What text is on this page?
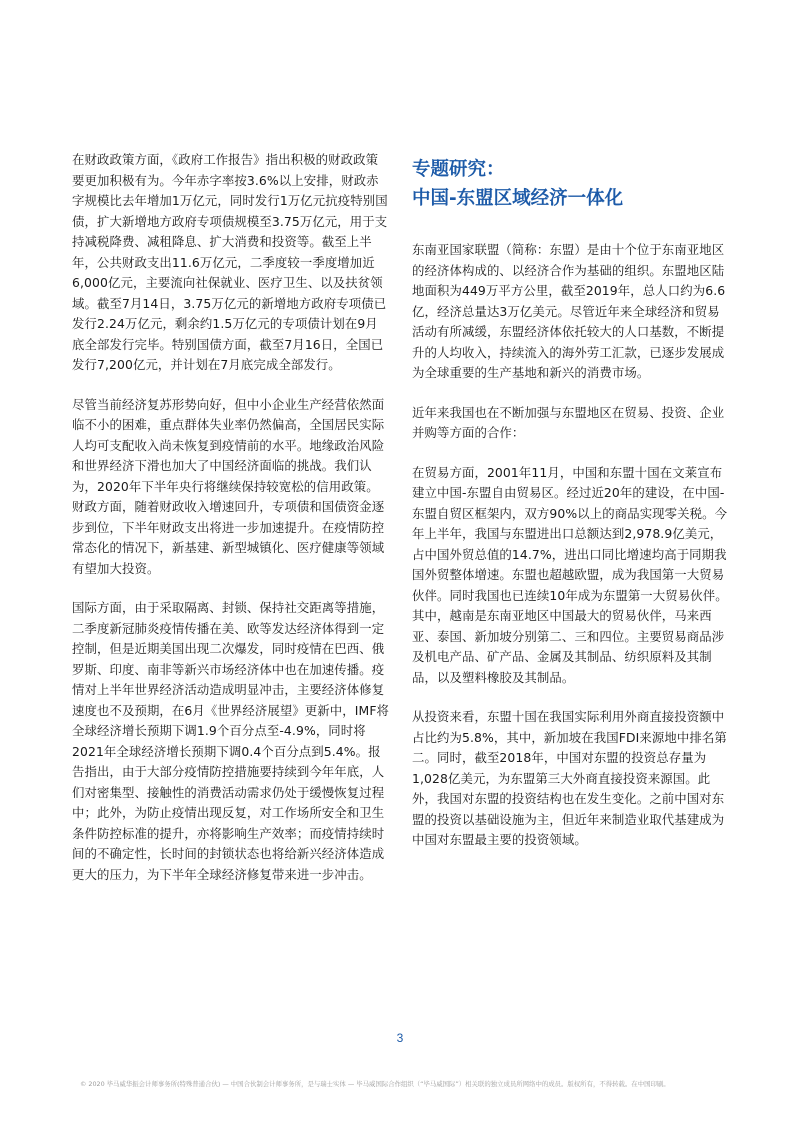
在财政政策方面，《政府工作报告》指出积极的财政政策要更加积极有为。今年赤字率按3.6%以上安排，财政赤字规模比去年增加1万亿元，同时发行1万亿元抗疫特别国债，扩大新增地方政府专项债规模至3.75万亿元，用于支持减税降费、减租降息、扩大消费和投资等。截至上半年，公共财政支出11.6万亿元，二季度较一季度增加近6,000亿元，主要流向社保就业、医疗卫生、以及扶贫领域。截至7月14日，3.75万亿元的新增地方政府专项债已发行2.24万亿元，剩余约1.5万亿元的专项债计划在9月底全部发行完毕。特别国债方面，截至7月16日，全国已发行7,200亿元，并计划在7月底完成全部发行。

尽管当前经济复苏形势向好，但中小企业生产经营依然面临不小的困难，重点群体失业率仍然偏高，全国居民实际人均可支配收入尚未恢复到疫情前的水平。地缘政治风险和世界经济下滑也加大了中国经济面临的挑战。我们认为，2020年下半年央行将继续保持较宽松的信用政策。财政方面，随着财政收入增速回升，专项债和国债资金逐步到位，下半年财政支出将进一步加速提升。在疫情防控常态化的情况下，新基建、新型城镇化、医疗健康等领域有望加大投资。

国际方面，由于采取隔离、封锁、保持社交距离等措施，二季度新冠肺炎疫情传播在美、欧等发达经济体得到一定控制，但是近期美国出现二次爆发，同时疫情在巴西、俄罗斯、印度、南非等新兴市场经济体中也在加速传播。疫情对上半年世界经济活动造成明显冲击，主要经济体修复速度也不及预期，在6月《世界经济展望》更新中，IMF将全球经济增长预期下调1.9个百分点至-4.9%，同时将2021年全球经济增长预期下调0.4个百分点到5.4%。报告指出，由于大部分疫情防控措施要持续到今年年底，人们对密集型、接触性的消费活动需求仍处于缓慢恢复过程中；此外，为防止疫情出现反复，对工作场所安全和卫生条件防控标准的提升，亦将影响生产效率；而疫情持续时间的不确定性，长时间的封锁状态也将给新兴经济体造成更大的压力，为下半年全球经济修复带来进一步冲击。

专题研究：
中国-东盟区域经济一体化

东南亚国家联盟（简称：东盟）是由十个位于东南亚地区的经济体构成的、以经济合作为基础的组织。东盟地区陆地面积为449万平方公里，截至2019年，总人口约为6.6亿，经济总量达3万亿美元。尽管近年来全球经济和贸易活动有所减缓，东盟经济体依托较大的人口基数，不断提升的人均收入，持续流入的海外劳工汇款，已逐步发展成为全球重要的生产基地和新兴的消费市场。

近年来我国也在不断加强与东盟地区在贸易、投资、企业并购等方面的合作：

在贸易方面，2001年11月，中国和东盟十国在文莱宣布建立中国-东盟自由贸易区。经过近20年的建设，在中国-东盟自贸区框架内，双方90%以上的商品实现零关税。今年上半年，我国与东盟进出口总额达到2,978.9亿美元，占中国外贸总值的14.7%，进出口同比增速均高于同期我国外贸整体增速。东盟也超越欧盟，成为我国第一大贸易伙伴。同时我国也已连续10年成为东盟第一大贸易伙伴。其中，越南是东南亚地区中国最大的贸易伙伴，马来西亚、泰国、新加坡分别第二、三和四位。主要贸易商品涉及机电产品、矿产品、金属及其制品、纺织原料及其制品，以及塑料橡胶及其制品。

从投资来看，东盟十国在我国实际利用外商直接投资额中占比约为5.8%，其中，新加坡在我国FDI来源地中排名第二。同时，截至2018年，中国对东盟的投资总存量为1,028亿美元，为东盟第三大外商直接投资来源国。此外，我国对东盟的投资结构也在发生变化。之前中国对东盟的投资以基础设施为主，但近年来制造业取代基建成为中国对东盟最主要的投资领域。

3
© 2020 毕马威华振会计师事务所(特殊普通合伙) — 中国合伙制会计师事务所，是与瑞士实体 — 毕马威国际合作组织（“毕马威国际”）相关联的独立成员所网络中的成员。版权所有，不得转载。在中国印刷。
